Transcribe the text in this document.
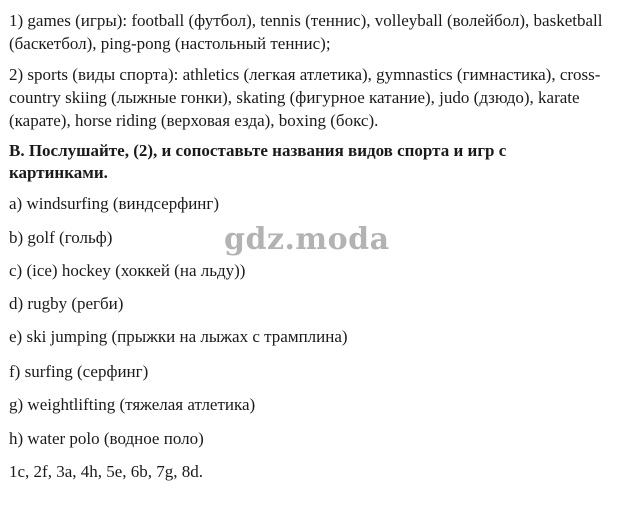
1) games (игры): football (футбол), tennis (теннис), volleyball (волейбол), basketball (баскетбол), ping-pong (настольный теннис);

2) sports (виды спорта): athletics (легкая атлетика), gymnastics (гимнастика), cross-country skiing (лыжные гонки), skating (фигурное катание), judo (дзюдо), karate (карате), horse riding (верховая езда), boxing (бокс).

B. Послушайте, (2), и сопоставьте названия видов спорта и игр с картинками.

a) windsurfing (виндсерфинг)

b) golf (гольф)

c) (ice) hockey (хоккей (на льду))

d) rugby (регби)

e) ski jumping (прыжки на лыжах с трамплина)

f) surfing (серфинг)

g) weightlifting (тяжелая атлетика)

h) water polo (водное поло)

1c, 2f, 3a, 4h, 5e, 6b, 7g, 8d.

gdz.moda
